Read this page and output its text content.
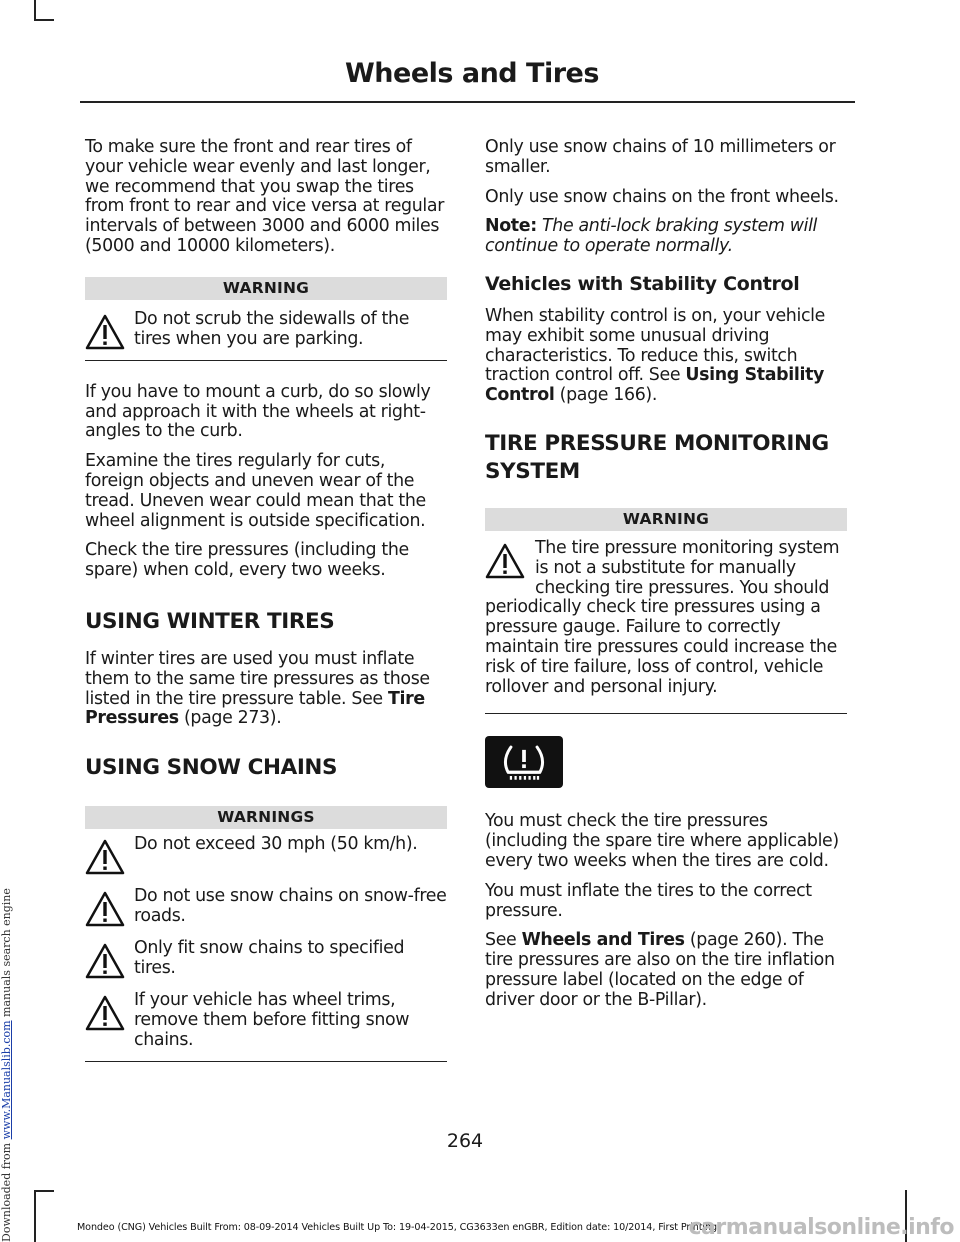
Wheels and Tires

To make sure the front and rear tires of your vehicle wear evenly and last longer, we recommend that you swap the tires from front to rear and vice versa at regular intervals of between 3000 and 6000 miles (5000 and 10000 kilometers).

WARNING

Do not scrub the sidewalls of the tires when you are parking.

If you have to mount a curb, do so slowly and approach it with the wheels at right-angles to the curb.

Examine the tires regularly for cuts, foreign objects and uneven wear of the tread. Uneven wear could mean that the wheel alignment is outside specification.

Check the tire pressures (including the spare) when cold, every two weeks.

USING WINTER TIRES

If winter tires are used you must inflate them to the same tire pressures as those listed in the tire pressure table. See Tire Pressures (page 273).

USING SNOW CHAINS
WARNINGS

Do not exceed 30 mph (50 km/h).

Do not use snow chains on snow-free roads.

Only fit snow chains to specified tires.

If your vehicle has wheel trims, remove them before fitting snow chains.

Only use snow chains of 10 millimeters or smaller.

Only use snow chains on the front wheels.

Note: The anti-lock braking system will continue to operate normally.

Vehicles with Stability Control

When stability control is on, your vehicle may exhibit some unusual driving characteristics. To reduce this, switch traction control off. See Using Stability Control (page 166).

TIRE PRESSURE MONITORING
SYSTEM
WARNING

The tire pressure monitoring system is not a substitute for manually checking tire pressures. You should periodically check tire pressures using a pressure gauge. Failure to correctly maintain tire pressures could increase the risk of tire failure, loss of control, vehicle rollover and personal injury.

You must check the tire pressures (including the spare tire where applicable) every two weeks when the tires are cold.

You must inflate the tires to the correct pressure.

See Wheels and Tires (page 260). The tire pressures are also on the tire inflation pressure label (located on the edge of driver door or the B-Pillar).

264
Mondeo (CNG) Vehicles Built From: 08-09-2014 Vehicles Built Up To: 19-04-2015, CG3633en enGBR, Edition date: 10/2014, First Printing
Downloaded from www.Manualslib.com manuals search engine
carmanualsonline.info
